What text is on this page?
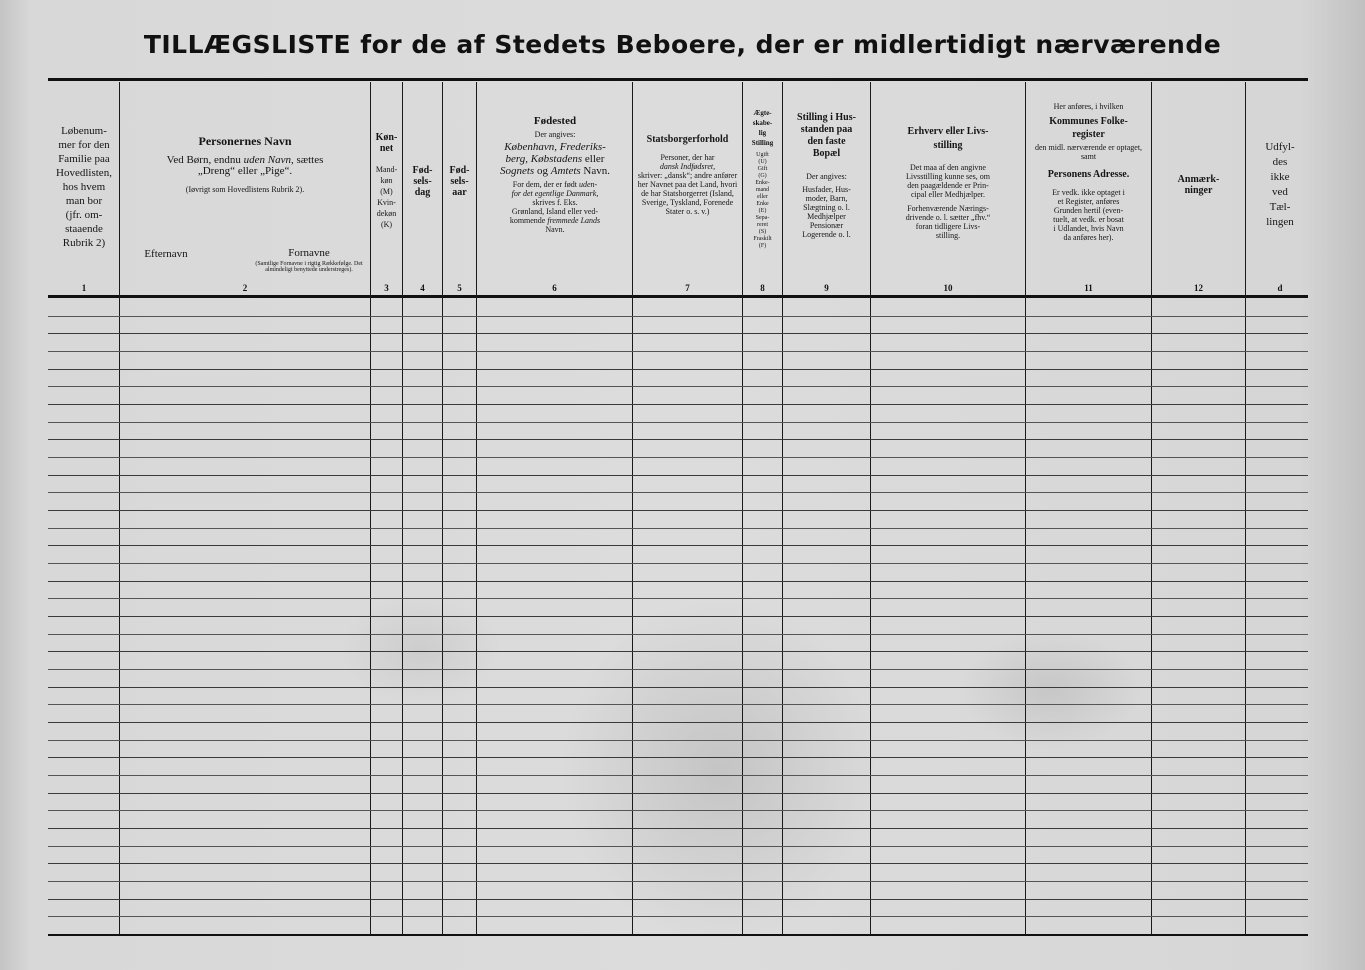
TILLÆGSLISTE for de af Stedets Beboere, der er midlertidigt nærværende
Løbenum-
mer for den
Familie paa
Hovedlisten,
hos hvem
man bor
(jfr. om-
staaende
Rubrik 2)
1
Personernes Navn
Ved Børn, endnu uden Navn, sættes
„Dreng“ eller „Pige“.

(Iøvrigt som Hovedlistens Rubrik 2).
Efternavn	Fornavne
(Samtlige Fornavne i rigtig Rækkefølge. Det almindeligt benyttede understreges).
2
Køn-
net
Mand-
køn
(M)
Kvin-
dekøn
(K)
3
Fød-
sels-
dag
4
Fød-
sels-
aar
5
Fødested
Der angives:
København, Frederiks-
berg, Købstadens eller
Sognets og Amtets Navn.
For dem, der er født uden-
for det egentlige Danmark,
skrives f. Eks.
Grønland, Island eller ved-
kommende fremmede Lands
Navn.
6
Statsborgerforhold
Personer, der har
dansk Indfødsret,
skriver: „dansk“; andre anfører her Navnet paa det Land, hvori de har Statsborgerret (Island, Sverige, Tyskland, Forenede Stater o. s. v.)
7
Ægte-
skabe-
lig
Stilling
Ugift
(U)
Gift
(G)
Enke-
mand
eller
Enke
(E)
Sepa-
reret
(S)
Fraskilt
(F)
8
Stilling i Hus-
standen paa
den faste
Bopæl
Der angives:
Husfader, Hus-
moder, Barn,
Slægtning o. l.
Medhjælper
Pensionær
Logerende o. l.
9
Erhverv eller Livs-
stilling
Det maa af den angivne
Livsstilling kunne ses, om
den paagældende er Prin-
cipal eller Medhjælper.
Forhenværende Nærings-
drivende o. l. sætter „fhv.“
foran tidligere Livs-
stilling.
10
Her anføres, i hvilken
Kommunes Folke-
register
den midl. nærværende er optaget, samt
Personens Adresse.
Er vedk. ikke optaget i
et Register, anføres
Grunden hertil (even-
tuelt, at vedk. er bosat
i Udlandet, hvis Navn
da anføres her).
11
Anmærk-
ninger
12
Udfyl-
des
ikke
ved
Tæl-
lingen
d
